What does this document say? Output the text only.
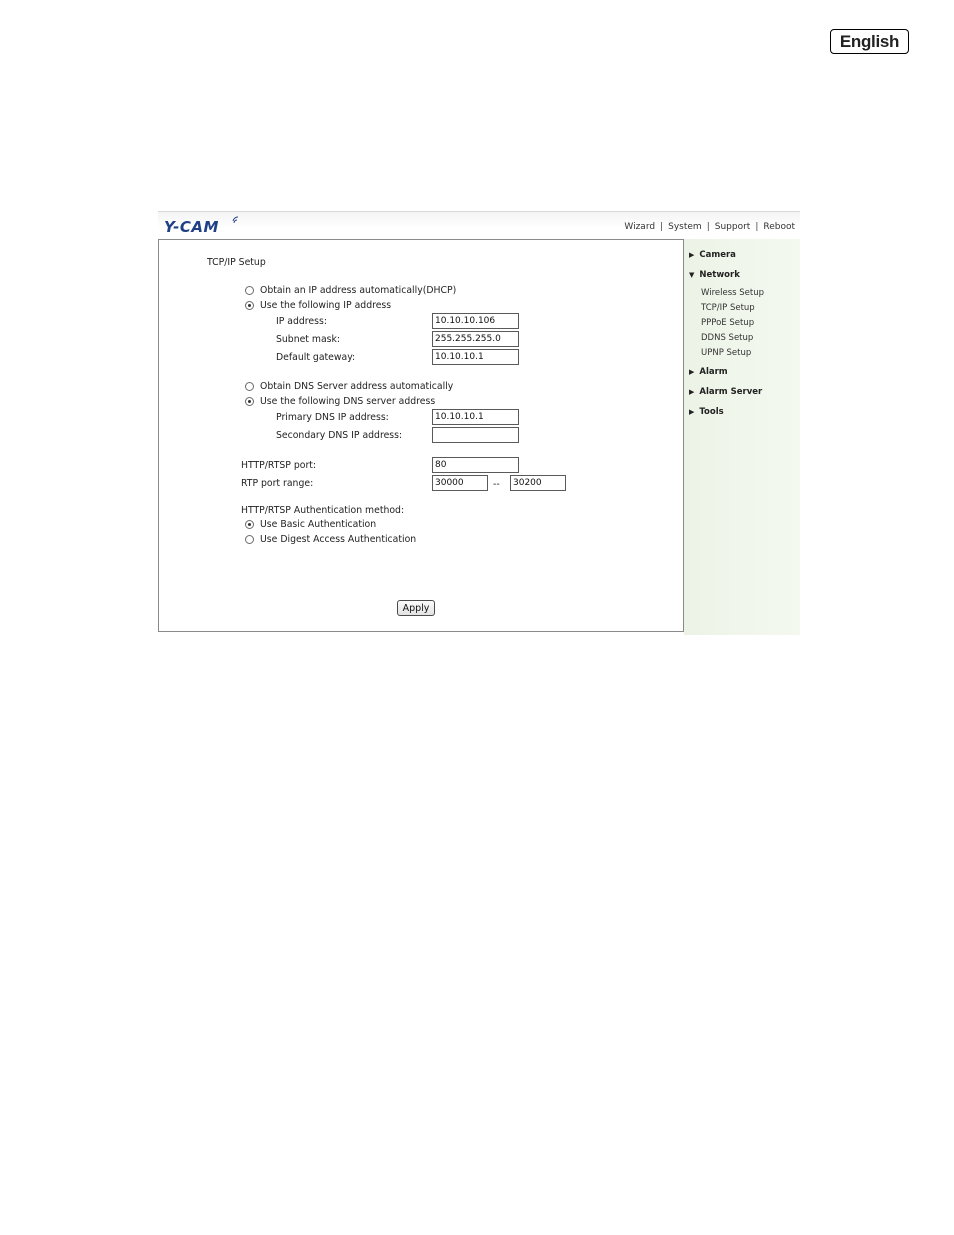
English
Y-CAM	Wizard | System | Support | Reboot
TCP/IP Setup
Obtain an IP address automatically(DHCP)
Use the following IP address
IP address:
10.10.10.106
Subnet mask:
255.255.255.0
Default gateway:
10.10.10.1
Obtain DNS Server address automatically
Use the following DNS server address
Primary DNS IP address:
10.10.10.1
Secondary DNS IP address:
HTTP/RTSP port:
80
RTP port range:
30000	--
30200
HTTP/RTSP Authentication method:
Use Basic Authentication
Use Digest Access Authentication
Apply
▶ Camera
▼ Network
Wireless Setup
TCP/IP Setup
PPPoE Setup
DDNS Setup
UPNP Setup
▶ Alarm
▶ Alarm Server
▶ Tools
